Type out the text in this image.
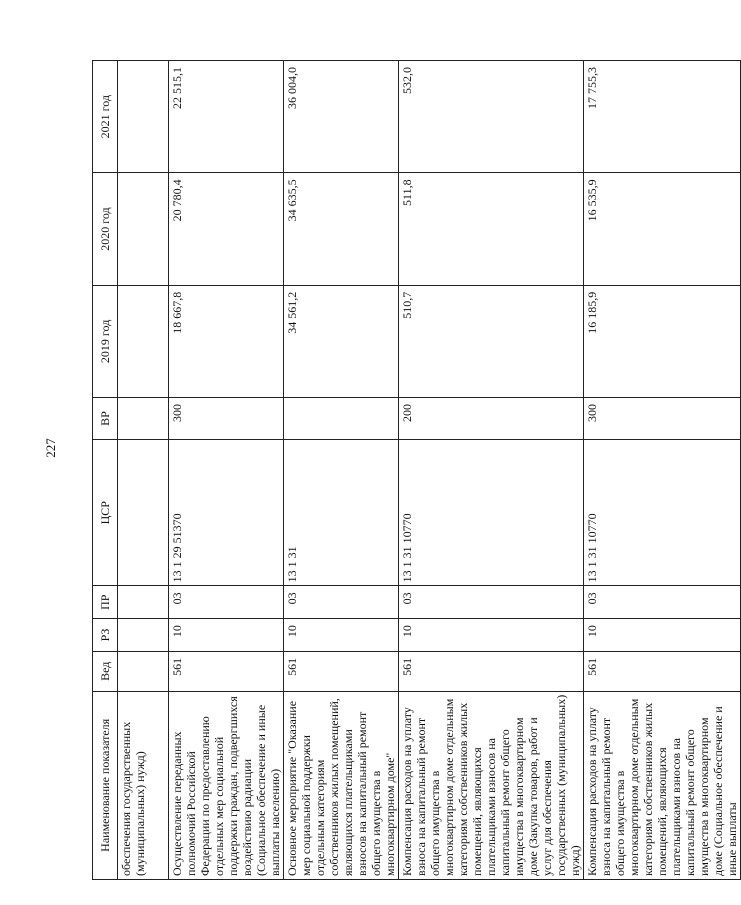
227
Наименование показателя	Вед	РЗ	ПР	ЦСР	ВР	2019 год	2020 год	2021 год
обеспечения государственных (муниципальных) нужд)								
Осуществление переданных полномочий Российской Федерации по предоставлению отдельных мер социальной поддержки граждан, подвергшихся воздействию радиации (Социальное обеспечение и иные выплаты населению)	561	10	03	13 1 29 51370	300	18 667,8	20 780,4	22 515,1
Основное мероприятие "Оказание мер социальной поддержки отдельным категориям собственников жилых помещений, являющихся плательщиками взносов на капитальный ремонт общего имущества в многоквартирном доме"	561	10	03	13 1 31		34 561,2	34 635,5	36 004,0
Компенсация расходов на уплату взноса на капитальный ремонт общего имущества в многоквартирном доме отдельным категориям собственников жилых помещений, являющихся плательщиками взносов на капитальный ремонт общего имущества в многоквартирном доме (Закупка товаров, работ и услуг для обеспечения государственных (муниципальных) нужд)	561	10	03	13 1 31 10770	200	510,7	511,8	532,0
Компенсация расходов на уплату взноса на капитальный ремонт общего имущества в многоквартирном доме отдельным категориям собственников жилых помещений, являющихся плательщиками взносов на капитальный ремонт общего имущества в многоквартирном доме (Социальное обеспечение и иные выплаты	561	10	03	13 1 31 10770	300	16 185,9	16 535,9	17 755,3
